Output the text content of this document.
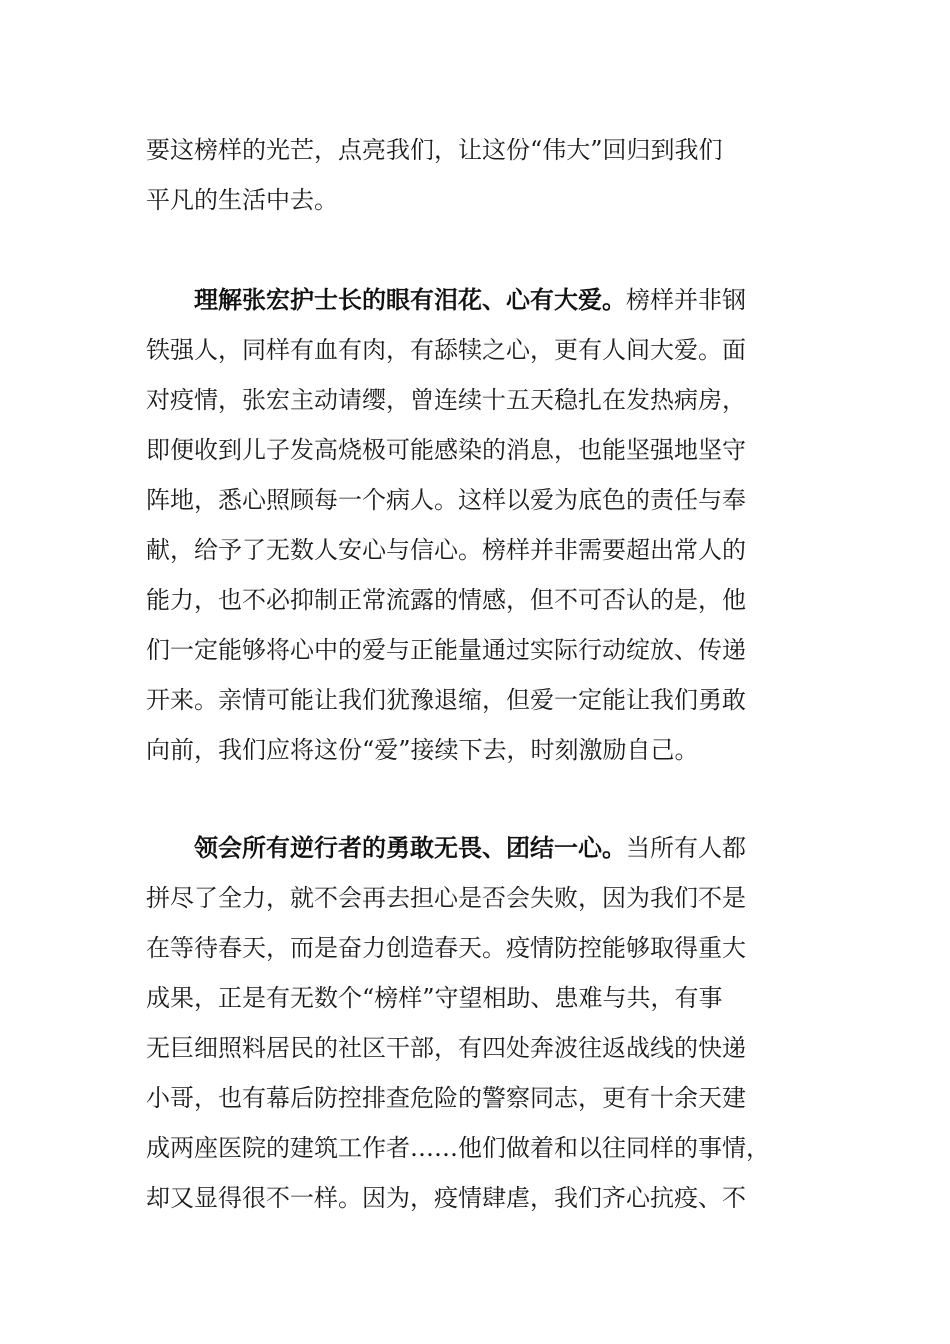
要这榜样的光芒，点亮我们，让这份“伟大”回归到我们
平凡的生活中去。
理解张宏护士长的眼有泪花、心有大爱。榜样并非钢
铁强人，同样有血有肉，有舔犊之心，更有人间大爱。面
对疫情，张宏主动请缨，曾连续十五天稳扎在发热病房，
即便收到儿子发高烧极可能感染的消息，也能坚强地坚守
阵地，悉心照顾每一个病人。这样以爱为底色的责任与奉
献，给予了无数人安心与信心。榜样并非需要超出常人的
能力，也不必抑制正常流露的情感，但不可否认的是，他
们一定能够将心中的爱与正能量通过实际行动绽放、传递
开来。亲情可能让我们犹豫退缩，但爱一定能让我们勇敢
向前，我们应将这份“爱”接续下去，时刻激励自己。
领会所有逆行者的勇敢无畏、团结一心。当所有人都
拼尽了全力，就不会再去担心是否会失败，因为我们不是
在等待春天，而是奋力创造春天。疫情防控能够取得重大
成果，正是有无数个“榜样”守望相助、患难与共，有事
无巨细照料居民的社区干部，有四处奔波往返战线的快递
小哥，也有幕后防控排查危险的警察同志，更有十余天建
成两座医院的建筑工作者……他们做着和以往同样的事情，
却又显得很不一样。因为，疫情肆虐，我们齐心抗疫、不
